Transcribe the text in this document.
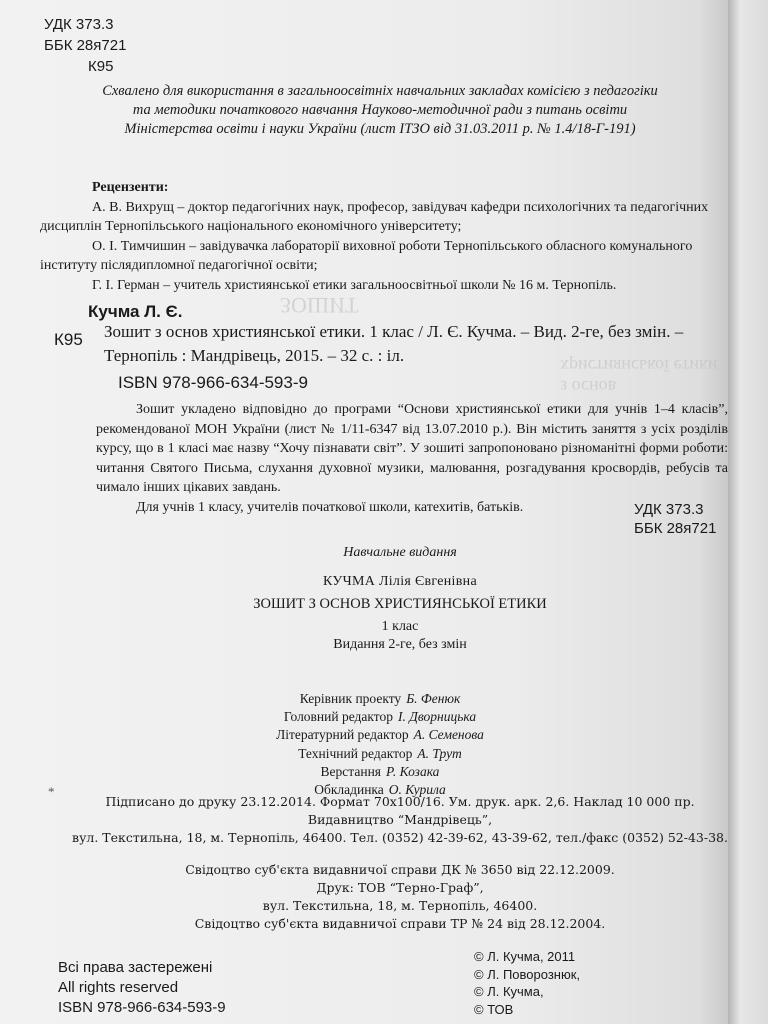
ЗОШИТ
з основ християнської етики
УДК 373.3
ББК 28я721
К95
Схвалено для використання в загальноосвітніх навчальних закладах комісією з педагогіки
та методики початкового навчання Науково-методичної ради з питань освіти
Міністерства освіти і науки України (лист ІТЗО від 31.03.2011 р. № 1.4/18-Г-191)
Рецензенти:

А. В. Вихрущ – доктор педагогічних наук, професор, завідувач кафедри психологічних та педагогічних дисциплін Тернопільського національного економічного університету;

О. І. Тимчишин – завідувачка лабораторії виховної роботи Тернопільського обласного комунального інституту післядипломної педагогічної освіти;

Г. І. Герман – учитель християнської етики загальноосвітньої школи № 16 м. Тернопіль.

Кучма Л. Є.
К95 Зошит з основ християнської етики. 1 клас / Л. Є. Кучма. – Вид. 2-ге, без змін. – Тернопіль : Мандрівець, 2015. – 32 с. : іл.
ISBN 978-966-634-593-9

Зошит укладено відповідно до програми “Основи християнської етики для учнів 1–4 класів”, рекомендованої МОН України (лист № 1/11-6347 від 13.07.2010 р.). Він містить заняття з усіх розділів курсу, що в 1 класі має назву “Хочу пізнавати світ”. У зошиті запропоновано різноманітні форми роботи: читання Святого Письма, слухання духовної музики, малювання, розгадування кросвордів, ребусів та чимало інших цікавих завдань.

Для учнів 1 класу, учителів початкової школи, катехитів, батьків.	УДК 373.3
ББК 28я721
Навчальне видання
КУЧМА Лілія Євгенівна
ЗОШИТ З ОСНОВ ХРИСТИЯНСЬКОЇ ЕТИКИ
1 клас
Видання 2-ге, без змін
Керівник проекту Б. Фенюк
Головний редактор І. Дворницька
Літературний редактор А. Семенова
Технічний редактор А. Трут
Верстання Р. Козака
Обкладинка О. Курила
*
Підписано до друку 23.12.2014. Формат 70x100/16. Ум. друк. арк. 2,6. Наклад 10 000 пр.
Видавництво “Мандрівець”,
вул. Текстильна, 18, м. Тернопіль, 46400. Тел. (0352) 42-39-62, 43-39-62, тел./факс (0352) 52-43-38.
Свідоцтво суб'єкта видавничої справи ДК № 3650 від 22.12.2009.
Друк: ТОВ “Терно-Граф”,
вул. Текстильна, 18, м. Тернопіль, 46400.
Свідоцтво суб'єкта видавничої справи ТР № 24 від 28.12.2004.
Всі права застережені
All rights reserved
ISBN 978-966-634-593-9
© Л. Кучма, 2011
© Л. Поворознюк,
© Л. Кучма,
© ТОВ
